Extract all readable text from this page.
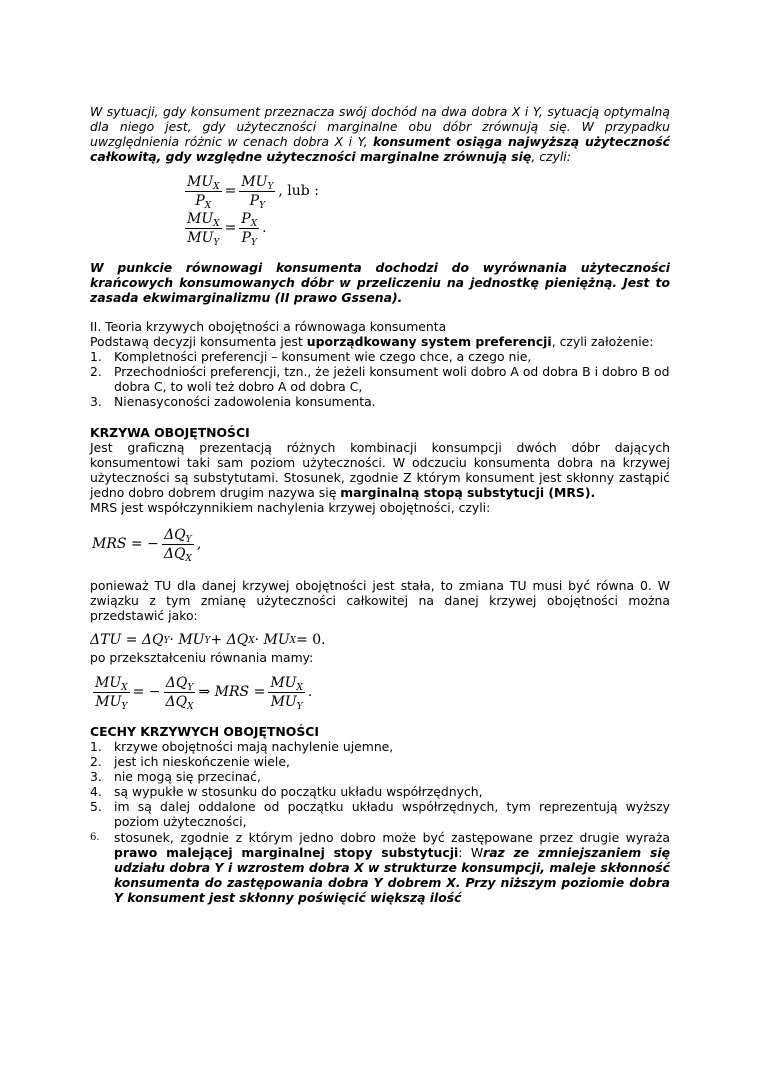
W sytuacji, gdy konsument przeznacza swój dochód na dwa dobra X i Y, sytuacją optymalną dla niego jest, gdy użyteczności marginalne obu dóbr zrównują się. W przypadku uwzględnienia różnic w cenach dobra X i Y, konsument osiąga najwyższą użyteczność całkowitą, gdy względne użyteczności marginalne zrównują się, czyli:

$\frac{MU_X}{P_X} = \frac{MU_Y}{P_Y}$ , lub :
$\frac{MU_X}{MU_Y} = \frac{P_X}{P_Y}$ .

W punkcie równowagi konsumenta dochodzi do wyrównania użyteczności krańcowych konsumowanych dóbr w przeliczeniu na jednostkę pieniężną. Jest to zasada ekwimarginalizmu (II prawo Gssena).

II. Teoria krzywych obojętności a równowaga konsumenta

Podstawą decyzji konsumenta jest uporządkowany system preferencji, czyli założenie:

1. Kompletności preferencji – konsument wie czego chce, a czego nie,
2. Przechodniości preferencji, tzn., że jeżeli konsument woli dobro A od dobra B i dobro B od dobra C, to woli też dobro A od dobra C,
3. Nienasyconości zadowolenia konsumenta.

KRZYWA OBOJĘTNOŚCI

Jest graficzną prezentacją różnych kombinacji konsumpcji dwóch dóbr dających konsumentowi taki sam poziom użyteczności. W odczuciu konsumenta dobra na krzywej użyteczności są substytutami. Stosunek, zgodnie Z którym konsument jest skłonny zastąpić jedno dobro dobrem drugim nazywa się marginalną stopą substytucji (MRS).

MRS jest współczynnikiem nachylenia krzywej obojętności, czyli:

MRS = − $\frac{\Delta Q_Y}{\Delta Q_X}$ ,

ponieważ TU dla danej krzywej obojętności jest stała, to zmiana TU musi być równa 0. W związku z tym zmianę użyteczności całkowitej na danej krzywej obojętności można przedstawić jako:

ΔTU = ΔQ Y · MU Y + ΔQ X · MU X = 0.

po przekształceniu równania mamy:

$\frac{MU_X}{MU_Y}$ = − $\frac{\Delta Q_Y}{\Delta Q_X}$ ⇒ MRS = $\frac{MU_X}{MU_Y}$ .

CECHY KRZYWYCH OBOJĘTNOŚCI

1. krzywe obojętności mają nachylenie ujemne,
2. jest ich nieskończenie wiele,
3. nie mogą się przecinać,
4. są wypukłe w stosunku do początku układu współrzędnych,
5. im są dalej oddalone od początku układu współrzędnych, tym reprezentują wyższy poziom użyteczności,
6. stosunek, zgodnie z którym jedno dobro może być zastępowane przez drugie wyraża prawo malejącej marginalnej stopy substytucji: Wraz ze zmniejszaniem się udziału dobra Y i wzrostem dobra X w strukturze konsumpcji, maleje skłonność konsumenta do zastępowania dobra Y dobrem X. Przy niższym poziomie dobra Y konsument jest skłonny poświęcić większą ilość
